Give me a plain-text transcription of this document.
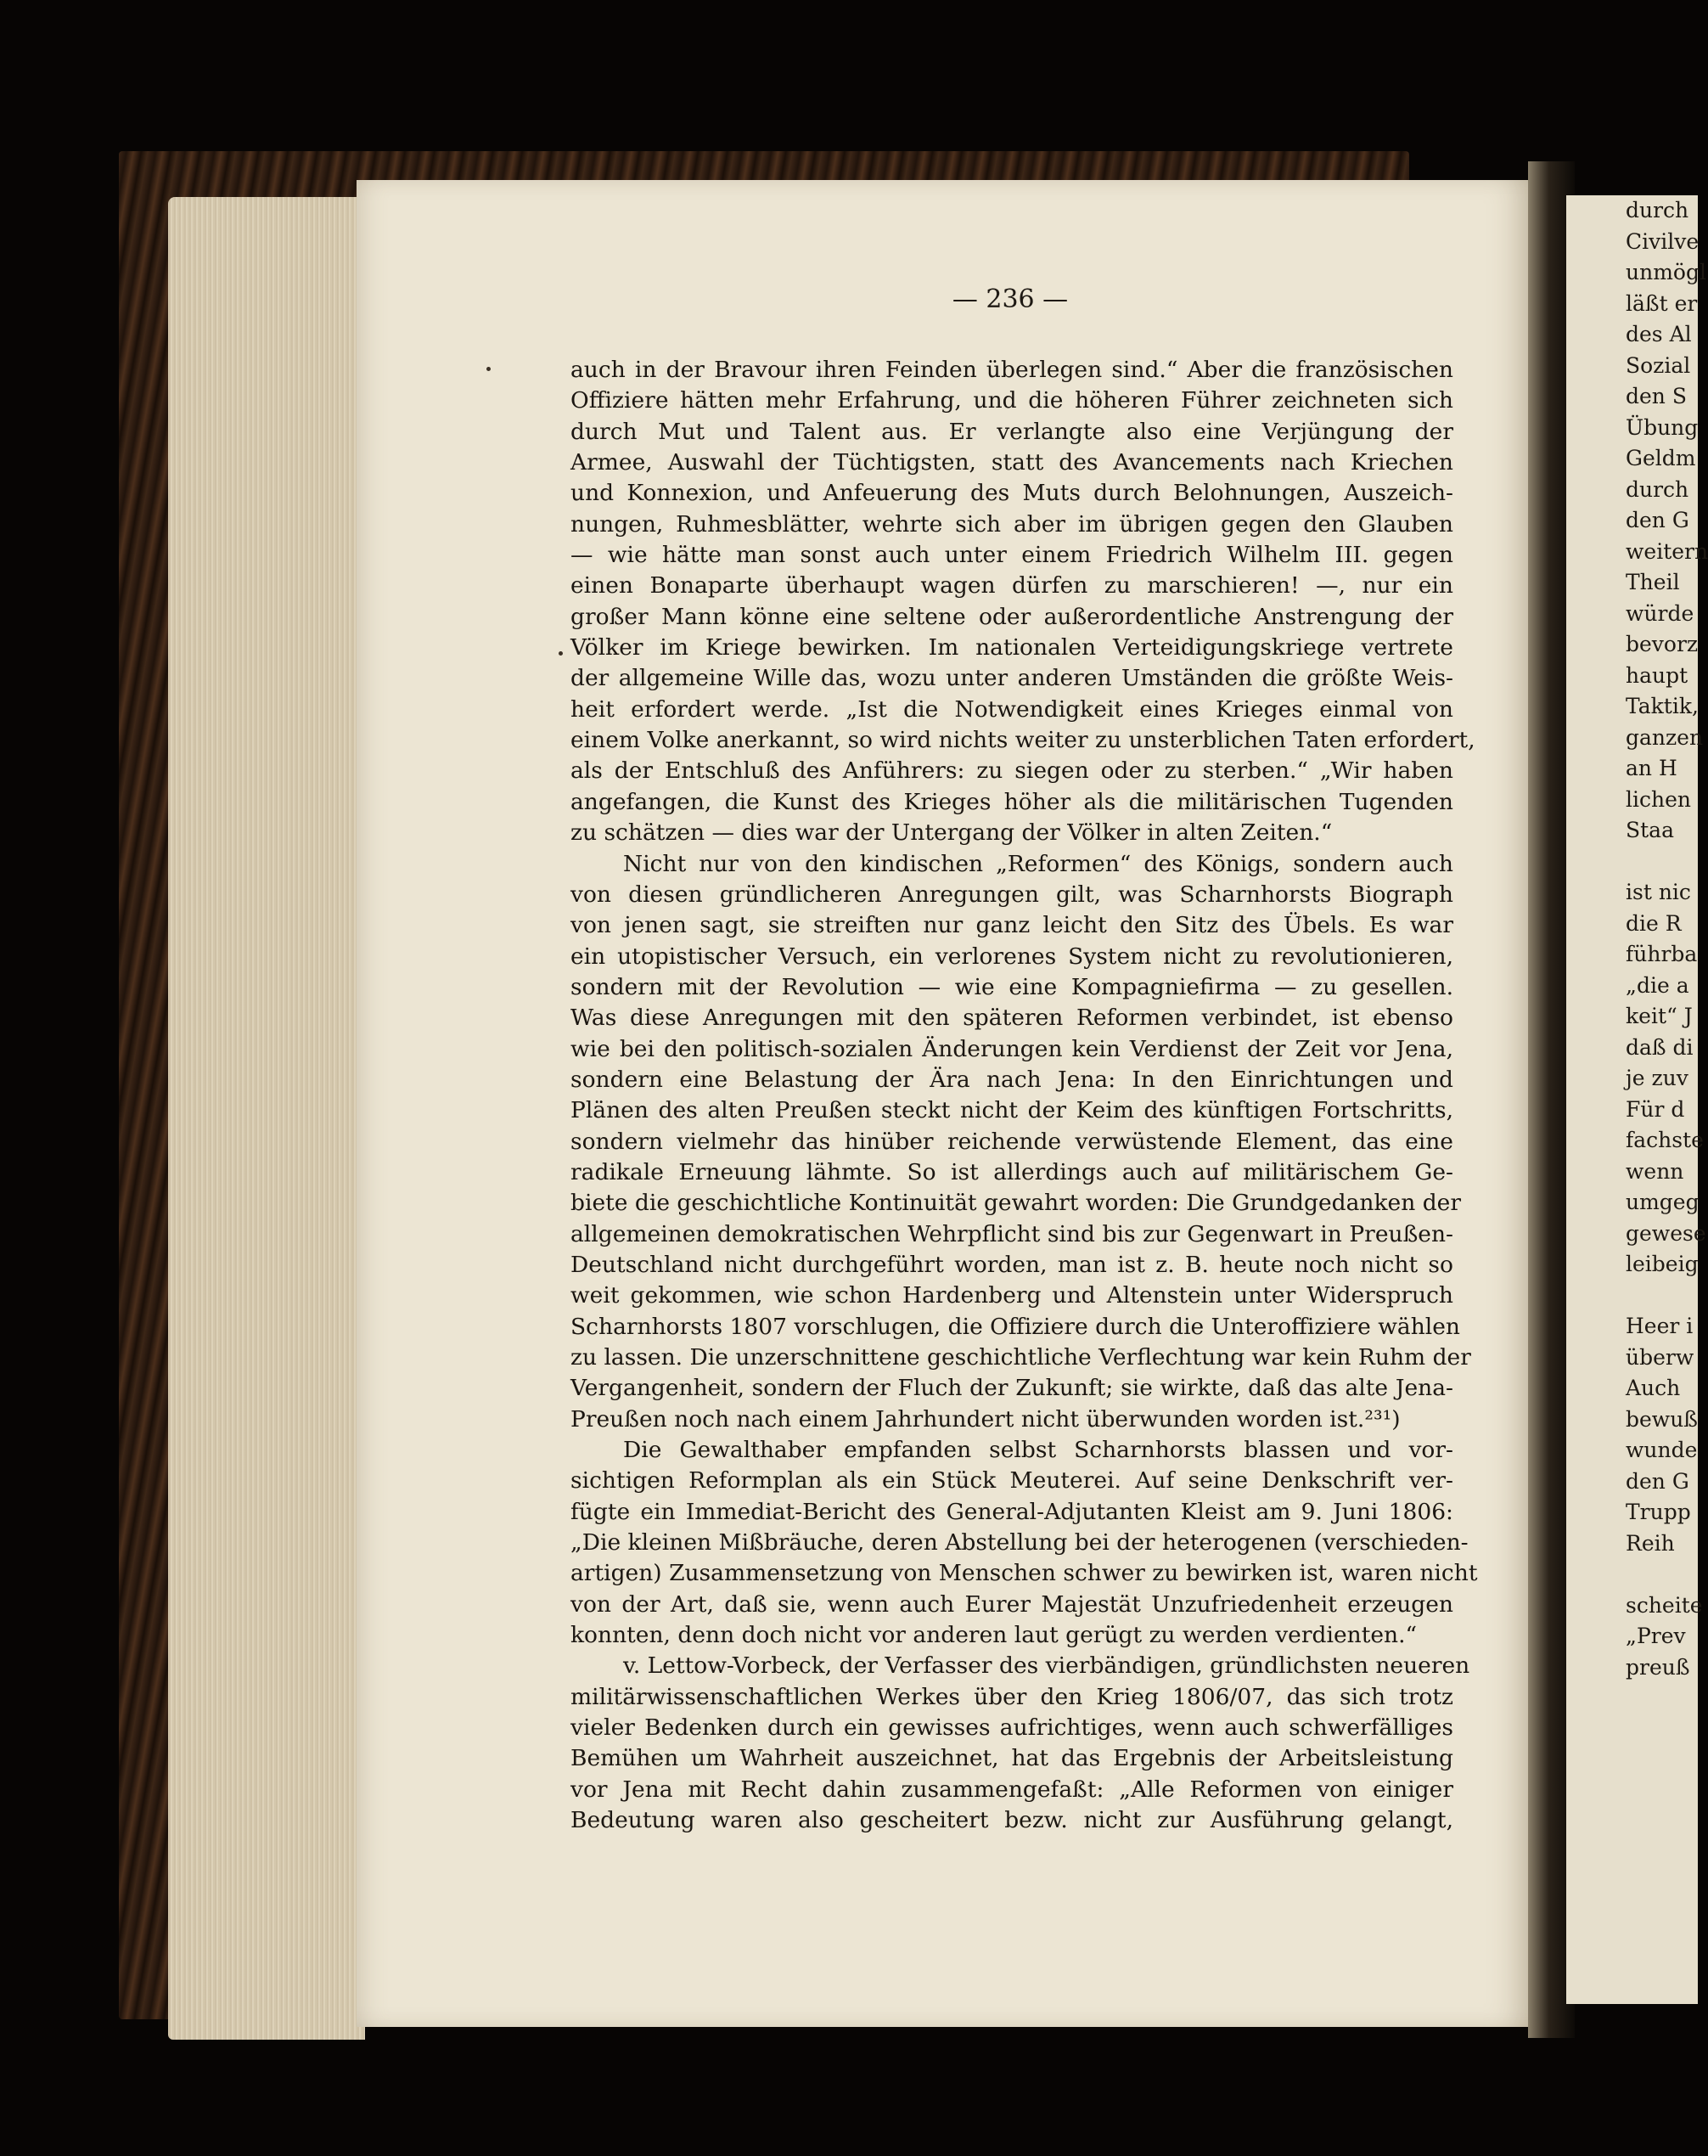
durch
Civilve
unmögl
läßt er
des Al
Sozial
den S
Übung
Geldm
durch
den G
weitern
Theil
würde
bevorz
haupt
Taktik,
ganzen
an H
lichen
Staa
ist nic
die R
führba
„die a
keit“ J
daß di
je zuv
Für d
fachste
wenn
umgeg
gewese
leibeig
Heer i
überw
Auch
bewuß
wunde
den G
Trupp
Reih
scheite
„Prev
preuß
— 236 —
auch in der Bravour ihren Feinden überlegen sind.“ Aber die französischen
Offiziere hätten mehr Erfahrung, und die höheren Führer zeichneten sich
durch Mut und Talent aus. Er verlangte also eine Verjüngung der
Armee, Auswahl der Tüchtigsten, statt des Avancements nach Kriechen
und Konnexion, und Anfeuerung des Muts durch Belohnungen, Auszeich-
nungen, Ruhmesblätter, wehrte sich aber im übrigen gegen den Glauben
— wie hätte man sonst auch unter einem Friedrich Wilhelm III. gegen
einen Bonaparte überhaupt wagen dürfen zu marschieren! —, nur ein
großer Mann könne eine seltene oder außerordentliche Anstrengung der
Völker im Kriege bewirken. Im nationalen Verteidigungskriege vertrete
der allgemeine Wille das, wozu unter anderen Umständen die größte Weis-
heit erfordert werde. „Ist die Notwendigkeit eines Krieges einmal von
einem Volke anerkannt, so wird nichts weiter zu unsterblichen Taten erfordert,
als der Entschluß des Anführers: zu siegen oder zu sterben.“ „Wir haben
angefangen, die Kunst des Krieges höher als die militärischen Tugenden
zu schätzen — dies war der Untergang der Völker in alten Zeiten.“
Nicht nur von den kindischen „Reformen“ des Königs, sondern auch
von diesen gründlicheren Anregungen gilt, was Scharnhorsts Biograph
von jenen sagt, sie streiften nur ganz leicht den Sitz des Übels. Es war
ein utopistischer Versuch, ein verlorenes System nicht zu revolutionieren,
sondern mit der Revolution — wie eine Kompagniefirma — zu gesellen.
Was diese Anregungen mit den späteren Reformen verbindet, ist ebenso
wie bei den politisch-sozialen Änderungen kein Verdienst der Zeit vor Jena,
sondern eine Belastung der Ära nach Jena: In den Einrichtungen und
Plänen des alten Preußen steckt nicht der Keim des künftigen Fortschritts,
sondern vielmehr das hinüber reichende verwüstende Element, das eine
radikale Erneuung lähmte. So ist allerdings auch auf militärischem Ge-
biete die geschichtliche Kontinuität gewahrt worden: Die Grundgedanken der
allgemeinen demokratischen Wehrpflicht sind bis zur Gegenwart in Preußen-
Deutschland nicht durchgeführt worden, man ist z. B. heute noch nicht so
weit gekommen, wie schon Hardenberg und Altenstein unter Widerspruch
Scharnhorsts 1807 vorschlugen, die Offiziere durch die Unteroffiziere wählen
zu lassen. Die unzerschnittene geschichtliche Verflechtung war kein Ruhm der
Vergangenheit, sondern der Fluch der Zukunft; sie wirkte, daß das alte Jena-
Preußen noch nach einem Jahrhundert nicht überwunden worden ist.²³¹)
Die Gewalthaber empfanden selbst Scharnhorsts blassen und vor-
sichtigen Reformplan als ein Stück Meuterei. Auf seine Denkschrift ver-
fügte ein Immediat-Bericht des General-Adjutanten Kleist am 9. Juni 1806:
„Die kleinen Mißbräuche, deren Abstellung bei der heterogenen (verschieden-
artigen) Zusammensetzung von Menschen schwer zu bewirken ist, waren nicht
von der Art, daß sie, wenn auch Eurer Majestät Unzufriedenheit erzeugen
konnten, denn doch nicht vor anderen laut gerügt zu werden verdienten.“
v. Lettow-Vorbeck, der Verfasser des vierbändigen, gründlichsten neueren
militärwissenschaftlichen Werkes über den Krieg 1806/07, das sich trotz
vieler Bedenken durch ein gewisses aufrichtiges, wenn auch schwerfälliges
Bemühen um Wahrheit auszeichnet, hat das Ergebnis der Arbeitsleistung
vor Jena mit Recht dahin zusammengefaßt: „Alle Reformen von einiger
Bedeutung waren also gescheitert bezw. nicht zur Ausführung gelangt,
